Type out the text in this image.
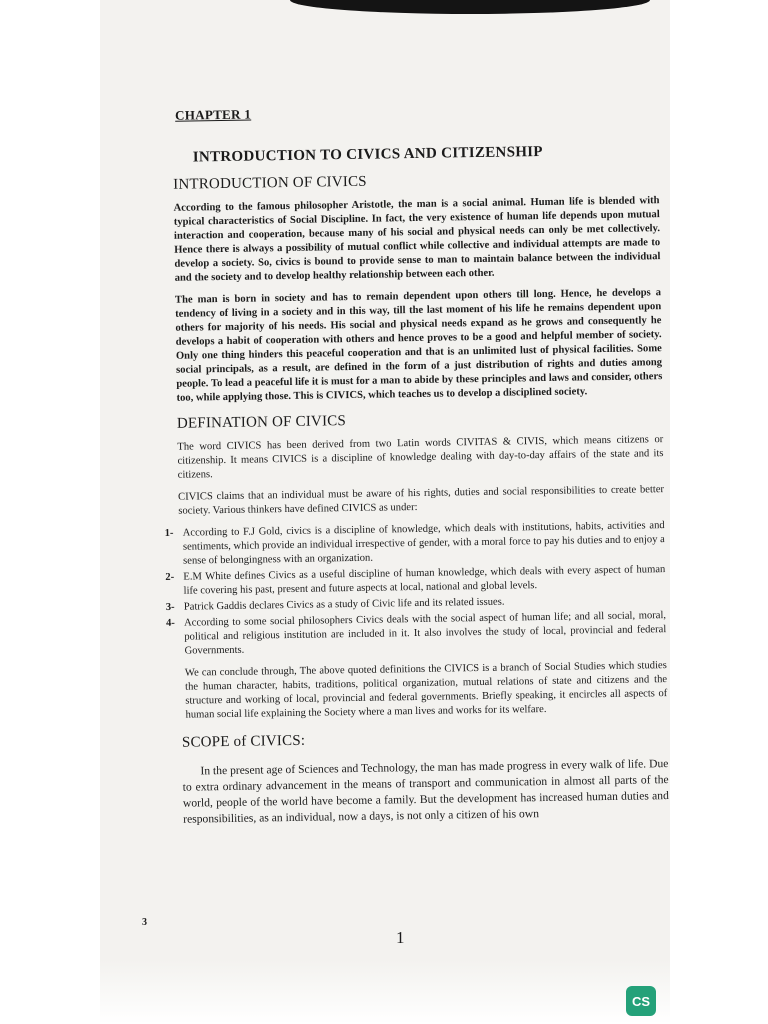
CHAPTER 1
INTRODUCTION TO CIVICS AND CITIZENSHIP
INTRODUCTION OF CIVICS

According to the famous philosopher Aristotle, the man is a social animal. Human life is blended with typical characteristics of Social Discipline. In fact, the very existence of human life depends upon mutual interaction and cooperation, because many of his social and physical needs can only be met collectively. Hence there is always a possibility of mutual conflict while collective and individual attempts are made to develop a society. So, civics is bound to provide sense to man to maintain balance between the individual and the society and to develop healthy relationship between each other.

The man is born in society and has to remain dependent upon others till long. Hence, he develops a tendency of living in a society and in this way, till the last moment of his life he remains dependent upon others for majority of his needs. His social and physical needs expand as he grows and consequently he develops a habit of cooperation with others and hence proves to be a good and helpful member of society. Only one thing hinders this peaceful cooperation and that is an unlimited lust of physical facilities. Some social principals, as a result, are defined in the form of a just distribution of rights and duties among people. To lead a peaceful life it is must for a man to abide by these principles and laws and consider, others too, while applying those. This is CIVICS, which teaches us to develop a disciplined society.

DEFINATION OF CIVICS

The word CIVICS has been derived from two Latin words CIVITAS & CIVIS, which means citizens or citizenship. It means CIVICS is a discipline of knowledge dealing with day-to-day affairs of the state and its citizens.

CIVICS claims that an individual must be aware of his rights, duties and social responsibilities to create better society. Various thinkers have defined CIVICS as under:

1- According to F.J Gold, civics is a discipline of knowledge, which deals with institutions, habits, activities and sentiments, which provide an individual irrespective of gender, with a moral force to pay his duties and to enjoy a sense of belongingness with an organization.
2- E.M White defines Civics as a useful discipline of human knowledge, which deals with every aspect of human life covering his past, present and future aspects at local, national and global levels.
3- Patrick Gaddis declares Civics as a study of Civic life and its related issues.
4- According to some social philosophers Civics deals with the social aspect of human life; and all social, moral, political and religious institution are included in it. It also involves the study of local, provincial and federal Governments.

We can conclude through, The above quoted definitions the CIVICS is a branch of Social Studies which studies the human character, habits, traditions, political organization, mutual relations of state and citizens and the structure and working of local, provincial and federal governments. Briefly speaking, it encircles all aspects of human social life explaining the Society where a man lives and works for its welfare.

SCOPE of CIVICS:

In the present age of Sciences and Technology, the man has made progress in every walk of life. Due to extra ordinary advancement in the means of transport and communication in almost all parts of the world, people of the world have become a family. But the development has increased human duties and responsibilities, as an individual, now a days, is not only a citizen of his own

3
1
CS
